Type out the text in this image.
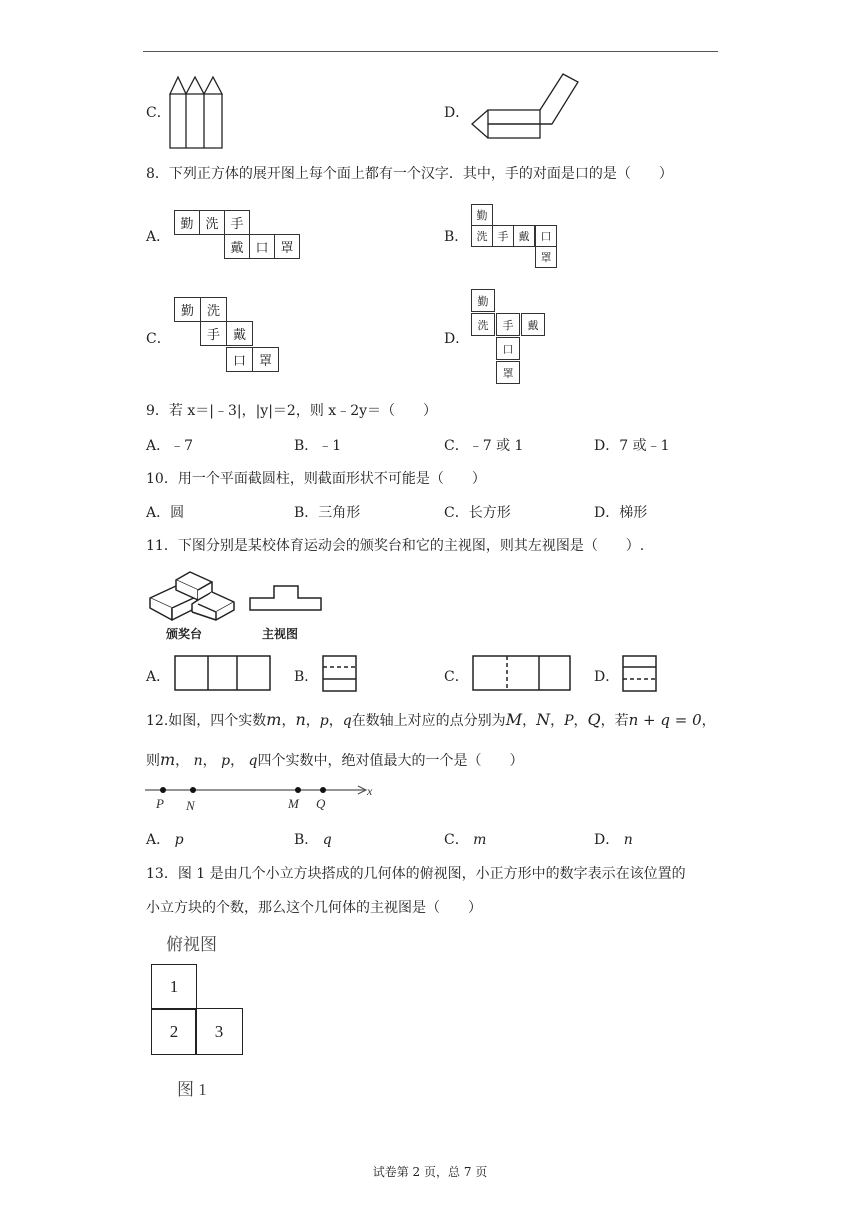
C．	D．
8．下列正方体的展开图上每个面上都有一个汉字．其中，手的对面是口的是（　　）
A．
勤 洗 手
戴 口 罩
B．
勤
洗 手 戴	口
罩
C．
勤 洗
手 戴
口 罩
D．
勤
洗	手	戴
口
罩
9．若 x＝|﹣3|，|y|＝2，则 x﹣2y＝（　　）
A．﹣7	B．﹣1	C．﹣7 或 1	D．7 或﹣1
10．用一个平面截圆柱，则截面形状不可能是（　　）
A．圆	B．三角形	C．长方形	D．梯形
11．下图分别是某校体育运动会的颁奖台和它的主视图，则其左视图是（　　）.
颁奖台	主视图
A．	B．	C．	D．
12.如图，四个实数m，n，p，q在数轴上对应的点分别为M，N，P，Q，若n + q = 0，
则m， n， p， q四个实数中，绝对值最大的一个是（　　）
P N	M Q
x
A． p	B． q	C． m	D． n
13．图 1 是由几个小立方块搭成的几何体的俯视图，小正方形中的数字表示在该位置的
小立方块的个数，那么这个几何体的主视图是（　　）
俯视图
1
2	3
图 1
试卷第 2 页，总 7 页
